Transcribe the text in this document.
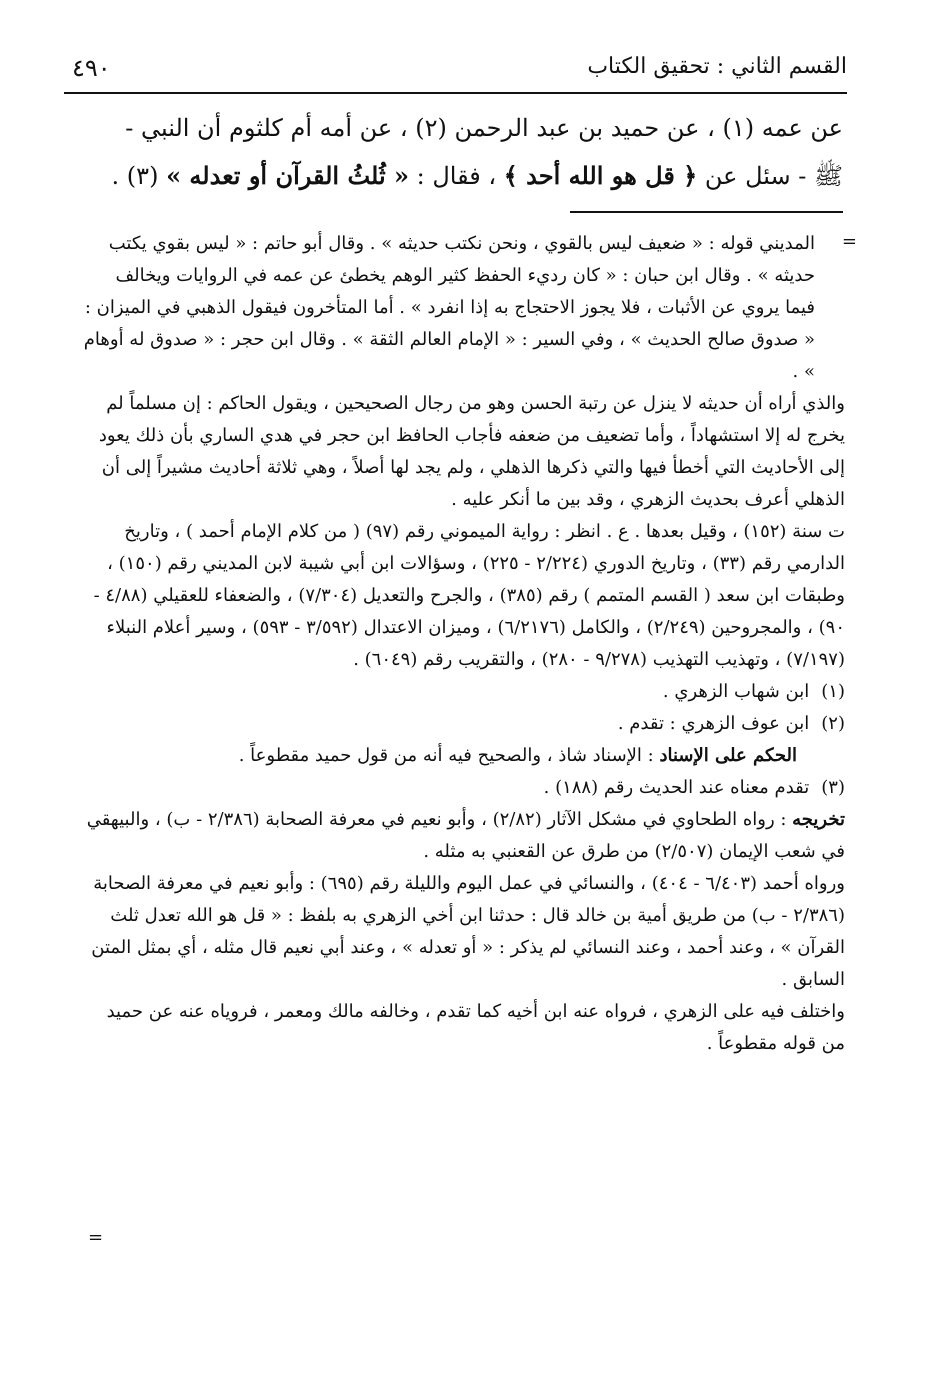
القسم الثاني : تحقيق الكتاب
٤٩٠

عن عمه (١) ، عن حميد بن عبد الرحمن (٢) ، عن أمه أم كلثوم أن النبي -

ﷺ - سئل عن ﴿ قل هو الله أحد ﴾ ، فقال : « ثُلثُ القرآن أو تعدله » (٣) .

=

المديني قوله : « ضعيف ليس بالقوي ، ونحن نكتب حديثه » . وقال أبو حاتم : « ليس بقوي يكتب حديثه » . وقال ابن حبان : « كان رديء الحفظ كثير الوهم يخطئ عن عمه في الروايات ويخالف فيما يروي عن الأثبات ، فلا يجوز الاحتجاج به إذا انفرد » . أما المتأخرون فيقول الذهبي في الميزان : « صدوق صالح الحديث » ، وفي السير : « الإمام العالم الثقة » . وقال ابن حجر : « صدوق له أوهام » .

والذي أراه أن حديثه لا ينزل عن رتبة الحسن وهو من رجال الصحيحين ، ويقول الحاكم : إن مسلماً لم يخرج له إلا استشهاداً ، وأما تضعيف من ضعفه فأجاب الحافظ ابن حجر في هدي الساري بأن ذلك يعود إلى الأحاديث التي أخطأ فيها والتي ذكرها الذهلي ، ولم يجد لها أصلاً ، وهي ثلاثة أحاديث مشيراً إلى أن الذهلي أعرف بحديث الزهري ، وقد بين ما أنكر عليه .

ت سنة (١٥٢) ، وقيل بعدها . ع . انظر : رواية الميموني رقم (٩٧) ( من كلام الإمام أحمد ) ، وتاريخ الدارمي رقم (٣٣) ، وتاريخ الدوري (٢/٢٢٤ - ٢٢٥) ، وسؤالات ابن أبي شيبة لابن المديني رقم (١٥٠) ، وطبقات ابن سعد ( القسم المتمم ) رقم (٣٨٥) ، والجرح والتعديل (٧/٣٠٤) ، والضعفاء للعقيلي (٤/٨٨ - ٩٠) ، والمجروحين (٢/٢٤٩) ، والكامل (٦/٢١٧٦) ، وميزان الاعتدال (٣/٥٩٢ - ٥٩٣) ، وسير أعلام النبلاء (٧/١٩٧) ، وتهذيب التهذيب (٩/٢٧٨ - ٢٨٠) ، والتقريب رقم (٦٠٤٩) .

(١) ابن شهاب الزهري .

(٢) ابن عوف الزهري : تقدم .

الحكم على الإسناد : الإسناد شاذ ، والصحيح فيه أنه من قول حميد مقطوعاً .

(٣) تقدم معناه عند الحديث رقم (١٨٨) .

تخريجه : رواه الطحاوي في مشكل الآثار (٢/٨٢) ، وأبو نعيم في معرفة الصحابة (٢/٣٨٦ - ب) ، والبيهقي في شعب الإيمان (٢/٥٠٧) من طرق عن القعنبي به مثله .

ورواه أحمد (٦/٤٠٣ - ٤٠٤) ، والنسائي في عمل اليوم والليلة رقم (٦٩٥) : وأبو نعيم في معرفة الصحابة (٢/٣٨٦ - ب) من طريق أمية بن خالد قال : حدثنا ابن أخي الزهري به بلفظ : « قل هو الله تعدل ثلث القرآن » ، وعند أحمد ، وعند النسائي لم يذكر : « أو تعدله » ، وعند أبي نعيم قال مثله ، أي بمثل المتن السابق .

واختلف فيه على الزهري ، فرواه عنه ابن أخيه كما تقدم ، وخالفه مالك ومعمر ، فروياه عنه عن حميد من قوله مقطوعاً .

=
